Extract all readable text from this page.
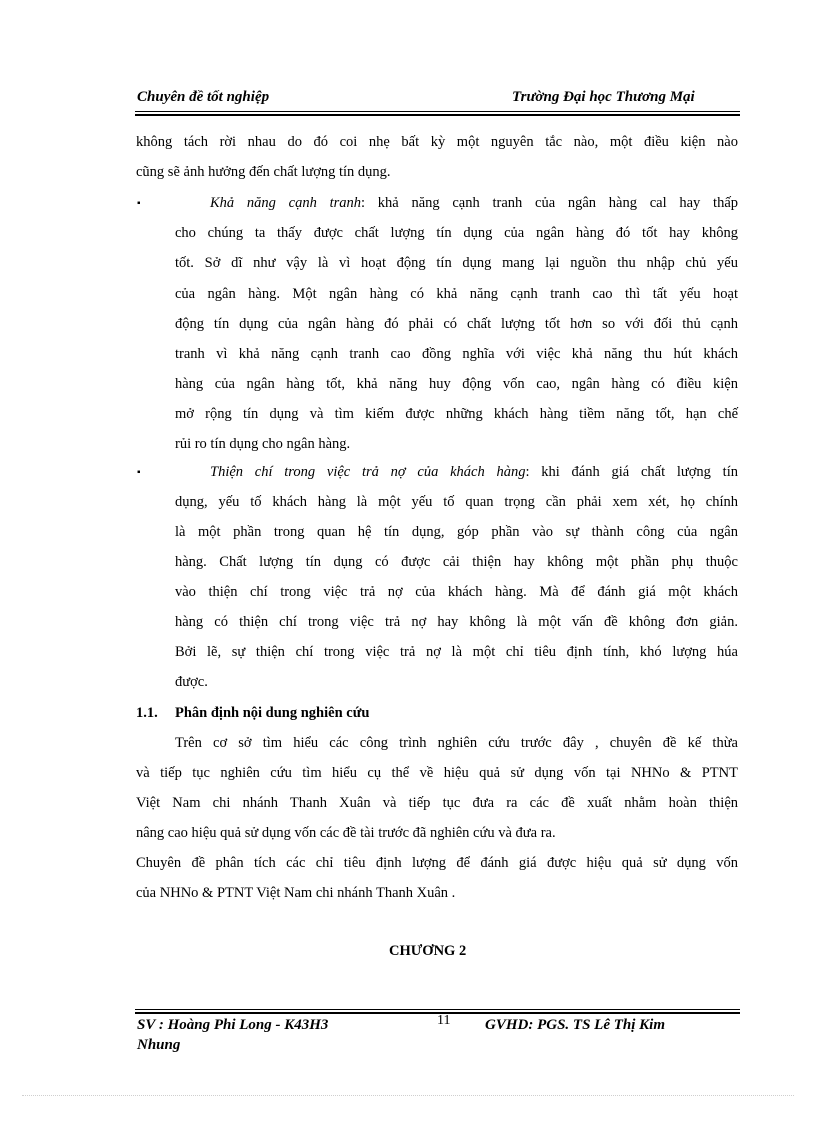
Chuyên đề tốt nghiệp	Trường Đại học Thương Mại
không tách rời nhau do đó coi nhẹ bất kỳ một nguyên tắc nào, một điều kiện nào
cũng sẽ ảnh hưởng đến chất lượng tín dụng.
▪	Khả năng cạnh tranh: khả năng cạnh tranh của ngân hàng cal hay thấp
cho chúng ta thấy được chất lượng tín dụng của ngân hàng đó tốt hay không
tốt. Sở dĩ như vậy là vì hoạt động tín dụng mang lại nguồn thu nhập chủ yếu
của ngân hàng. Một ngân hàng có khả năng cạnh tranh cao thì tất yếu hoạt
động tín dụng của ngân hàng đó phải có chất lượng tốt hơn so với đối thủ cạnh
tranh vì khả năng cạnh tranh cao đồng nghĩa với việc khả năng thu hút khách
hàng của ngân hàng tốt, khả năng huy động vốn cao, ngân hàng có điều kiện
mở rộng tín dụng và tìm kiếm được những khách hàng tiềm năng tốt, hạn chế
rủi ro tín dụng cho ngân hàng.
▪	Thiện chí trong việc trả nợ của khách hàng: khi đánh giá chất lượng tín
dụng, yếu tố khách hàng là một yếu tố quan trọng cần phải xem xét, họ chính
là một phần trong quan hệ tín dụng, góp phần vào sự thành công của ngân
hàng. Chất lượng tín dụng có được cải thiện hay không một phần phụ thuộc
vào thiện chí trong việc trả nợ của khách hàng. Mà để đánh giá một khách
hàng có thiện chí trong việc trả nợ hay không là một vấn đề không đơn giản.
Bởi lẽ, sự thiện chí trong việc trả nợ là một chỉ tiêu định tính, khó lượng húa
được.
1.1. Phân định nội dung nghiên cứu
Trên cơ sở tìm hiểu các công trình nghiên cứu trước đây , chuyên đề kế thừa
và tiếp tục nghiên cứu tìm hiểu cụ thể về hiệu quả sử dụng vốn tại NHNo & PTNT
Việt Nam chi nhánh Thanh Xuân và tiếp tục đưa ra các đề xuất nhằm hoàn thiện
nâng cao hiệu quả sử dụng vốn các đề tài trước đã nghiên cứu và đưa ra.
Chuyên đề phân tích các chỉ tiêu định lượng để đánh giá được hiệu quả sử dụng vốn
của NHNo & PTNT Việt Nam chi nhánh Thanh Xuân .
CHƯƠNG 2
SV : Hoàng Phi Long - K43H3	11 GVHD: PGS. TS Lê Thị Kim
Nhung
